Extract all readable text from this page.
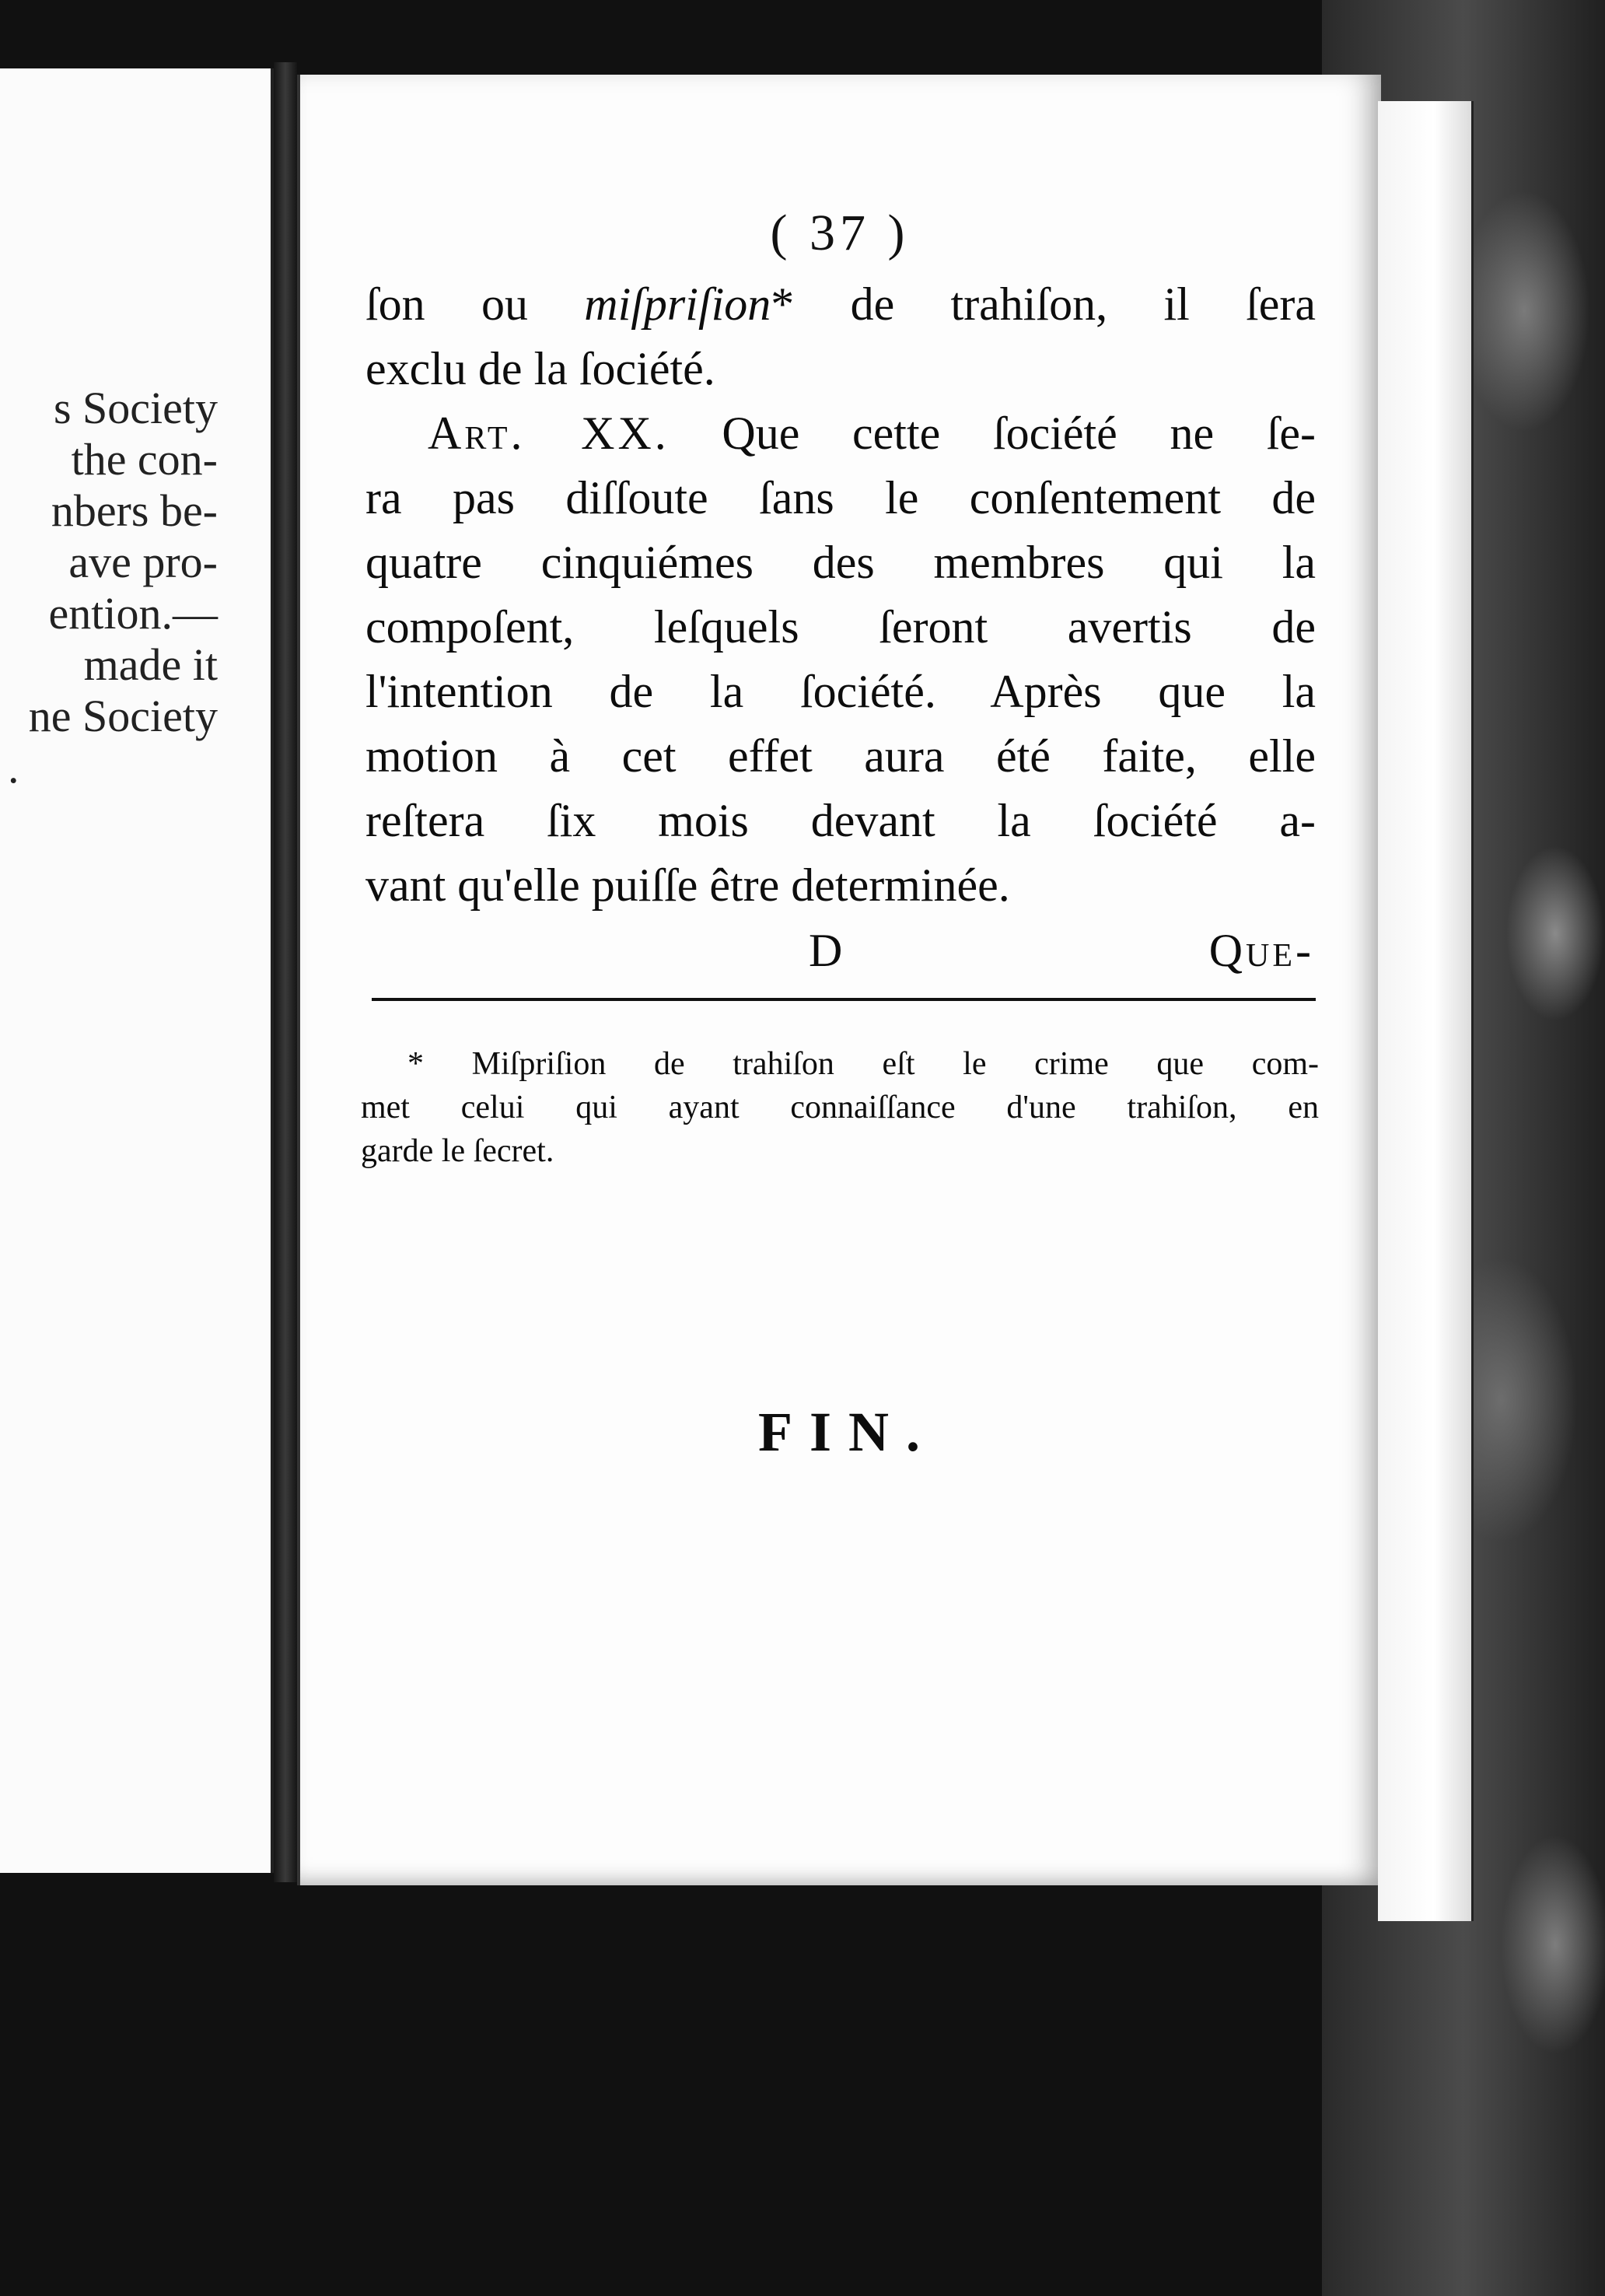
s Society
the con-
nbers be-
ave pro-
ention.—
made it
ne Society
.
( 37 )
ſon ou miſpriſion* de trahiſon, il ſera
exclu de la ſociété.
Art. XX. Que cette ſociété ne ſe-
ra pas diſſoute ſans le conſentement de
quatre cinquiémes des membres qui la
compoſent, leſquels ſeront avertis de
l'intention de la ſociété. Après que la
motion à cet effet aura été faite, elle
reſtera ſix mois devant la ſociété a-
vant qu'elle puiſſe être determinée.
D	Que-
* Miſpriſion de trahiſon eſt le crime que com-
met celui qui ayant connaiſſance d'une trahiſon, en
garde le ſecret.
FIN.
